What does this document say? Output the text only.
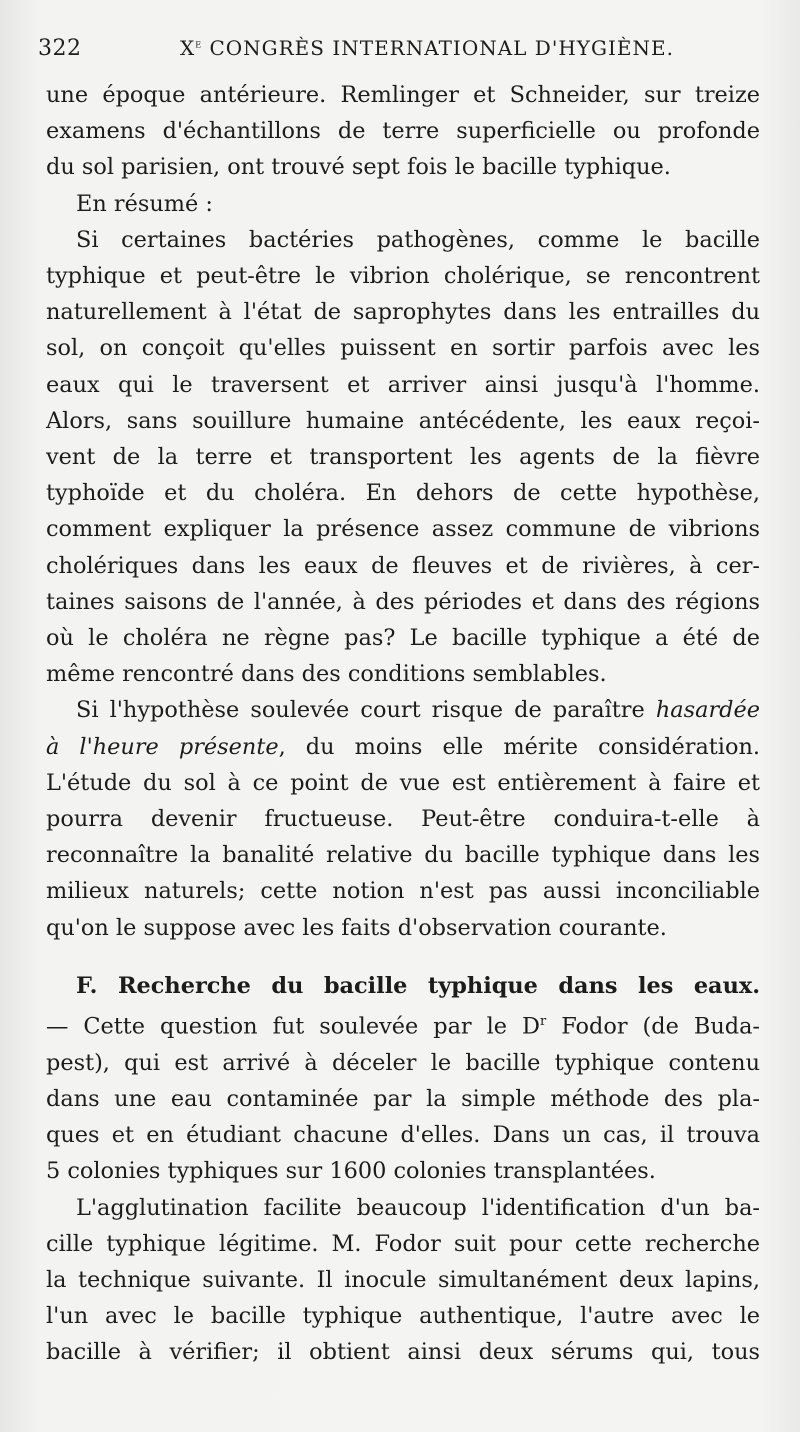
322	Xe CONGRÈS INTERNATIONAL D'HYGIÈNE.

une époque antérieure. Remlinger et Schneider, sur treize
examens d'échantillons de terre superficielle ou profonde
du sol parisien, ont trouvé sept fois le bacille typhique.

En résumé :

Si certaines bactéries pathogènes, comme le bacille
typhique et peut-être le vibrion cholérique, se rencontrent
naturellement à l'état de saprophytes dans les entrailles du
sol, on conçoit qu'elles puissent en sortir parfois avec les
eaux qui le traversent et arriver ainsi jusqu'à l'homme.
Alors, sans souillure humaine antécédente, les eaux reçoi-
vent de la terre et transportent les agents de la fièvre
typhoïde et du choléra. En dehors de cette hypothèse,
comment expliquer la présence assez commune de vibrions
cholériques dans les eaux de fleuves et de rivières, à cer-
taines saisons de l'année, à des périodes et dans des régions
où le choléra ne règne pas? Le bacille typhique a été de
même rencontré dans des conditions semblables.

Si l'hypothèse soulevée court risque de paraître hasardée
à l'heure présente, du moins elle mérite considération.
L'étude du sol à ce point de vue est entièrement à faire et
pourra devenir fructueuse. Peut-être conduira-t-elle à
reconnaître la banalité relative du bacille typhique dans les
milieux naturels; cette notion n'est pas aussi inconciliable
qu'on le suppose avec les faits d'observation courante.

F. Recherche du bacille typhique dans les eaux.
— Cette question fut soulevée par le $D^r$ Fodor (de Buda-
pest), qui est arrivé à déceler le bacille typhique contenu
dans une eau contaminée par la simple méthode des pla-
ques et en étudiant chacune d'elles. Dans un cas, il trouva
5 colonies typhiques sur 1600 colonies transplantées.

L'agglutination facilite beaucoup l'identification d'un ba-
cille typhique légitime. M. Fodor suit pour cette recherche
la technique suivante. Il inocule simultanément deux lapins,
l'un avec le bacille typhique authentique, l'autre avec le
bacille à vérifier; il obtient ainsi deux sérums qui, tous
